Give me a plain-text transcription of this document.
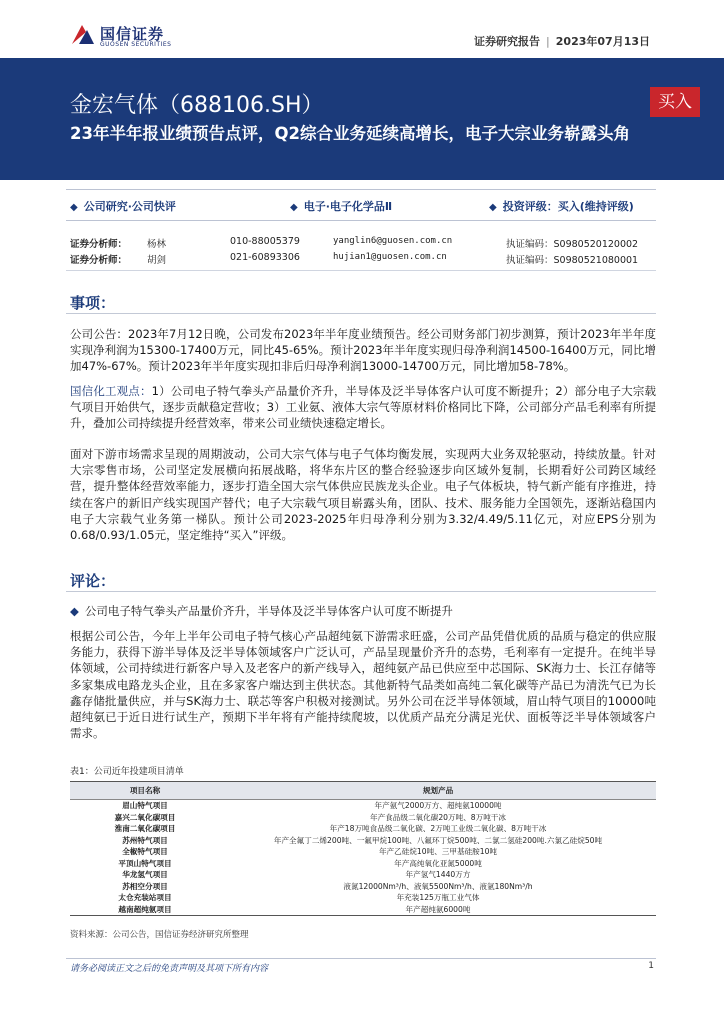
国信证券
GUOSEN SECURITIES	证券研究报告 | 2023年07月13日
金宏气体（688106.SH）
23年半年报业绩预告点评，Q2综合业务延续高增长，电子大宗业务崭露头角
买入
◆ 公司研究·公司快评	◆ 电子·电子化学品Ⅱ	◆ 投资评级：买入(维持评级)
证券分析师： 杨林	010-88005379	yanglin6@guosen.com.cn	执证编码：S0980520120002
证券分析师： 胡剑	021-60893306	hujian1@guosen.com.cn	执证编码：S0980521080001
事项：
公司公告：2023年7月12日晚，公司发布2023年半年度业绩预告。经公司财务部门初步测算，预计2023年半年度实现净利润为15300-17400万元，同比45-65%。预计2023年半年度实现归母净利润14500-16400万元，同比增加47%-67%。预计2023年半年度实现扣非后归母净利润13000-14700万元，同比增加58-78%。
国信化工观点：1）公司电子特气拳头产品量价齐升，半导体及泛半导体客户认可度不断提升；2）部分电子大宗载气项目开始供气，逐步贡献稳定营收；3）工业氨、液体大宗气等原材料价格同比下降，公司部分产品毛利率有所提升，叠加公司持续提升经营效率，带来公司业绩快速稳定增长。
面对下游市场需求呈现的周期波动，公司大宗气体与电子气体均衡发展，实现两大业务双轮驱动，持续放量。针对大宗零售市场，公司坚定发展横向拓展战略，将华东片区的整合经验逐步向区域外复制，长期看好公司跨区域经营，提升整体经营效率能力，逐步打造全国大宗气体供应民族龙头企业。电子气体板块，特气新产能有序推进，持续在客户的新旧产线实现国产替代；电子大宗载气项目崭露头角，团队、技术、服务能力全国领先，逐渐站稳国内电子大宗载气业务第一梯队。预计公司2023-2025年归母净利分别为3.32/4.49/5.11亿元，对应EPS分别为0.68/0.93/1.05元，坚定维持“买入”评级。
评论：
◆ 公司电子特气拳头产品量价齐升，半导体及泛半导体客户认可度不断提升
根据公司公告，今年上半年公司电子特气核心产品超纯氨下游需求旺盛，公司产品凭借优质的品质与稳定的供应服务能力，获得下游半导体及泛半导体领域客户广泛认可，产品呈现量价齐升的态势，毛利率有一定提升。在纯半导体领域，公司持续进行新客户导入及老客户的新产线导入，超纯氨产品已供应至中芯国际、SK海力士、长江存储等多家集成电路龙头企业，且在多家客户端达到主供状态。其他新特气品类如高纯二氧化碳等产品已为清洗气已为长鑫存储批量供应，并与SK海力士、联芯等客户积极对接测试。另外公司在泛半导体领域，眉山特气项目的10000吨超纯氨已于近日进行试生产，预期下半年将有产能持续爬坡，以优质产品充分满足光伏、面板等泛半导体领域客户需求。
表1：公司近年投建项目清单
项目名称	规划产品
眉山特气项目	年产氨气2000万方、超纯氨10000吨
嘉兴二氧化碳项目	年产食品级二氧化碳20万吨、8万吨干冰
淮南二氧化碳项目	年产18万吨食品级二氧化碳、2万吨工业级二氧化碳、8万吨干冰
苏州特气项目	年产全氟丁二烯200吨、一氟甲烷100吨、八氟环丁烷500吨、二氯二氢硅200吨.六氯乙硅烷50吨
全椒特气项目	年产乙硅烷10吨、三甲基硅胺10吨
平顶山特气项目	年产高纯氧化亚氮5000吨
华龙氢气项目	年产氢气1440万方
苏相空分项目	液氮12000Nm³/h、液氧5500Nm³/h、液氩180Nm³/h
太仓充装站项目	年充装125万瓶工业气体
越南超纯氨项目	年产超纯氨6000吨
资料来源：公司公告，国信证券经济研究所整理
请务必阅读正文之后的免责声明及其项下所有内容	1
